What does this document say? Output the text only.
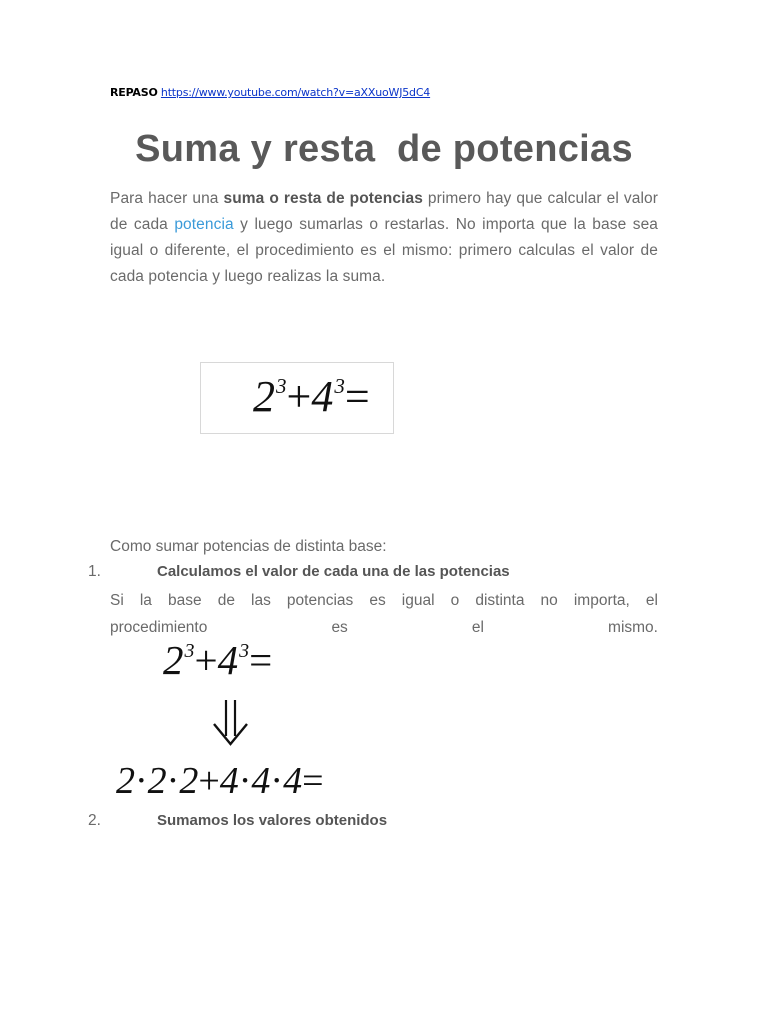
REPASO https://www.youtube.com/watch?v=aXXuoWJ5dC4
Suma y resta  de potencias
Para hacer una suma o resta de potencias primero hay que calcular el valor de cada potencia y luego sumarlas o restarlas. No importa que la base sea igual o diferente, el procedimiento es el mismo: primero calculas el valor de cada potencia y luego realizas la suma.
$2^3+4^3=$
Como sumar potencias de distinta base:
1.	Calculamos el valor de cada una de las potencias
Si la base de las potencias es igual o distinta no importa, el
procedimiento es el mismo.
$2^3+4^3=$
2·2·2+4·4·4=
2.	Sumamos los valores obtenidos
